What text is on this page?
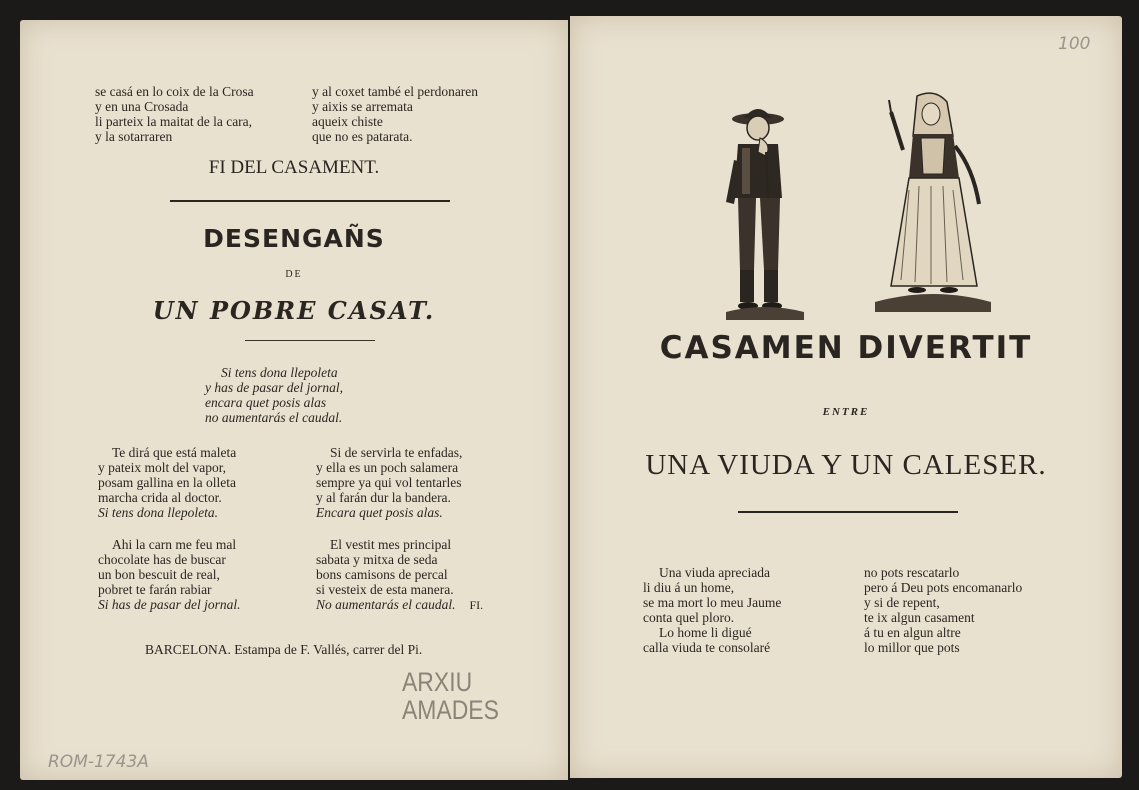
se casá en lo coix de la Crosa
y en una Crosada
li parteix la maitat de la cara,
y la sotarraren
y al coxet també el perdonaren
y aixis se arremata
aqueix chiste
que no es patarata.
FI DEL CASAMENT.
DESENGAÑS
DE
UN POBRE CASAT.
Si tens dona llepoleta
y has de pasar del jornal,
encara quet posis alas
no aumentarás el caudal.
Te dirá que está maleta
y pateix molt del vapor,
posam gallina en la olleta
marcha crida al doctor.
Si tens dona llepoleta.
Si de servirla te enfadas,
y ella es un poch salamera
sempre ya qui vol tentarles
y al farán dur la bandera.
Encara quet posis alas.
Ahi la carn me feu mal
chocolate has de buscar
un bon bescuit de real,
pobret te farán rabiar
Si has de pasar del jornal.
El vestit mes principal
sabata y mitxa de seda
bons camisons de percal
si vesteix de esta manera.
No aumentarás el caudal. FI.
BARCELONA. Estampa de F. Vallés, carrer del Pi.
ARXIU
AMADES
ROM-1743A
100
CASAMEN DIVERTIT
ENTRE
UNA VIUDA Y UN CALESER.
Una viuda apreciada
li diu á un home,
se ma mort lo meu Jaume
conta quel ploro.
Lo home li digué
calla viuda te consolaré
no pots rescatarlo
pero á Deu pots encomanarlo
y si de repent,
te ix algun casament
á tu en algun altre
lo millor que pots
